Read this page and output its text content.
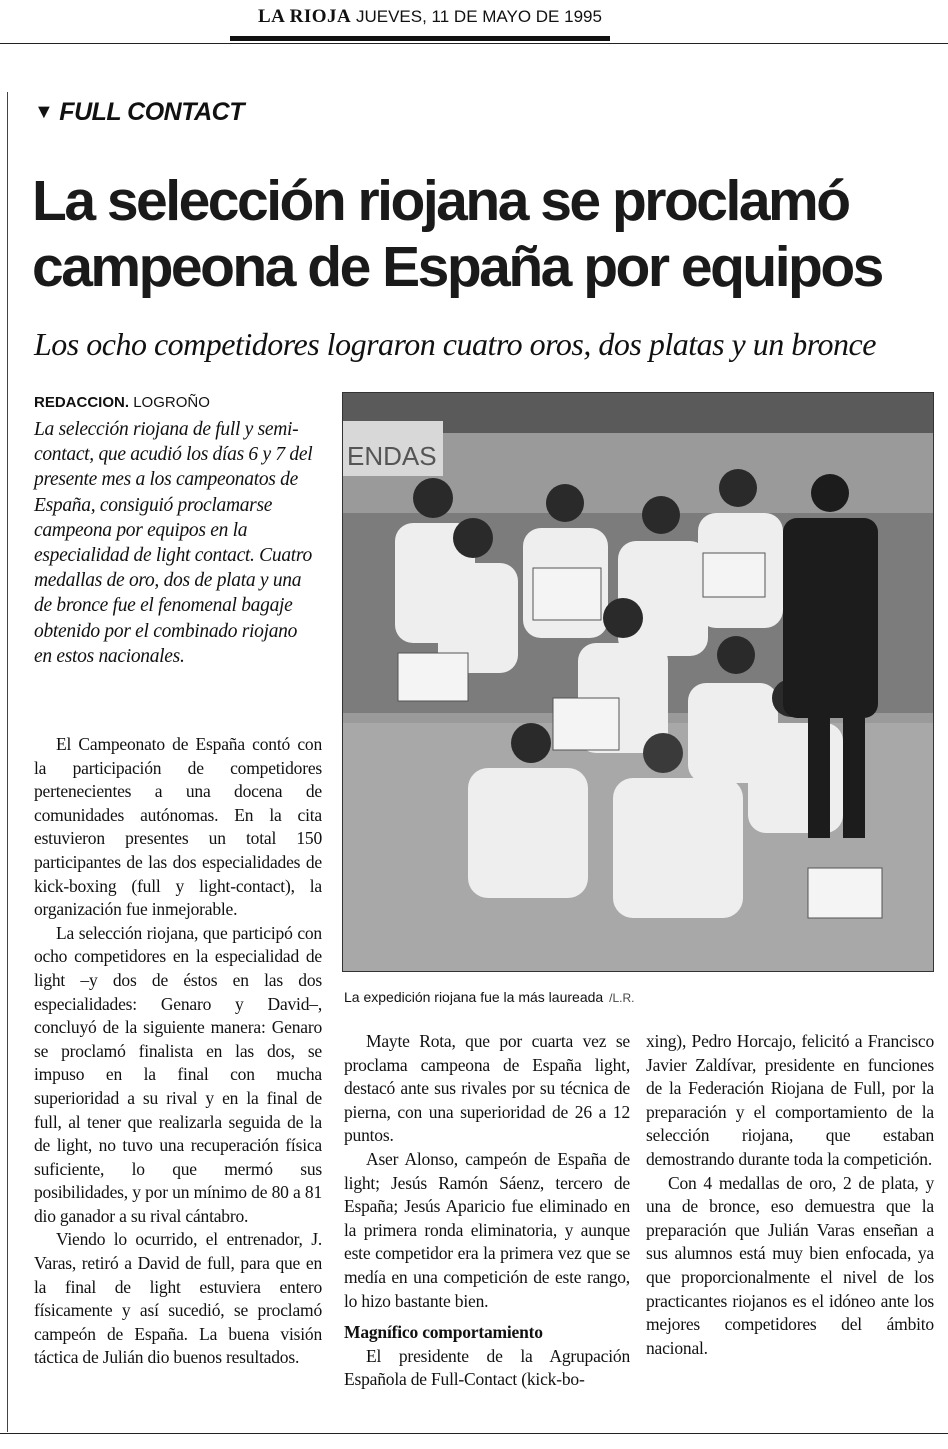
LA RIOJA JUEVES, 11 DE MAYO DE 1995
▼ FULL CONTACT
La selección riojana se proclamó campeona de España por equipos
Los ocho competidores lograron cuatro oros, dos platas y un bronce
REDACCION. LOGROÑO
La selección riojana de full y semi-contact, que acudió los días 6 y 7 del presente mes a los campeonatos de España, consiguió proclamarse campeona por equipos en la especialidad de light contact. Cuatro medallas de oro, dos de plata y una de bronce fue el fenomenal bagaje obtenido por el combinado riojano en estos nacionales.
ENDAS
La expedición riojana fue la más laureada /L.R.

El Campeonato de España contó con la participación de competidores pertenecientes a una docena de comunidades autónomas. En la cita estuvieron presentes un total 150 participantes de las dos especialidades de kick-boxing (full y light-contact), la organización fue inmejorable.

La selección riojana, que participó con ocho competidores en la especialidad de light –y dos de éstos en las dos especialidades: Genaro y David–, concluyó de la siguiente manera: Genaro se proclamó finalista en las dos, se impuso en la final con mucha superioridad a su rival y en la final de full, al tener que realizarla seguida de la de light, no tuvo una recuperación física suficiente, lo que mermó sus posibilidades, y por un mínimo de 80 a 81 dio ganador a su rival cántabro.

Viendo lo ocurrido, el entrenador, J. Varas, retiró a David de full, para que en la final de light estuviera entero físicamente y así sucedió, se proclamó campeón de España. La buena visión táctica de Julián dio buenos resultados.

Mayte Rota, que por cuarta vez se proclama campeona de España light, destacó ante sus rivales por su técnica de pierna, con una superioridad de 26 a 12 puntos.

Aser Alonso, campeón de España de light; Jesús Ramón Sáenz, tercero de España; Jesús Aparicio fue eliminado en la primera ronda eliminatoria, y aunque este competidor era la primera vez que se medía en una competición de este rango, lo hizo bastante bien.

Magnífico comportamiento

El presidente de la Agrupación Española de Full-Contact (kick-bo-

xing), Pedro Horcajo, felicitó a Francisco Javier Zaldívar, presidente en funciones de la Federación Riojana de Full, por la preparación y el comportamiento de la selección riojana, que estaban demostrando durante toda la competición.

Con 4 medallas de oro, 2 de plata, y una de bronce, eso demuestra que la preparación que Julián Varas enseñan a sus alumnos está muy bien enfocada, ya que proporcionalmente el nivel de los practicantes riojanos es el idóneo ante los mejores competidores del ámbito nacional.
